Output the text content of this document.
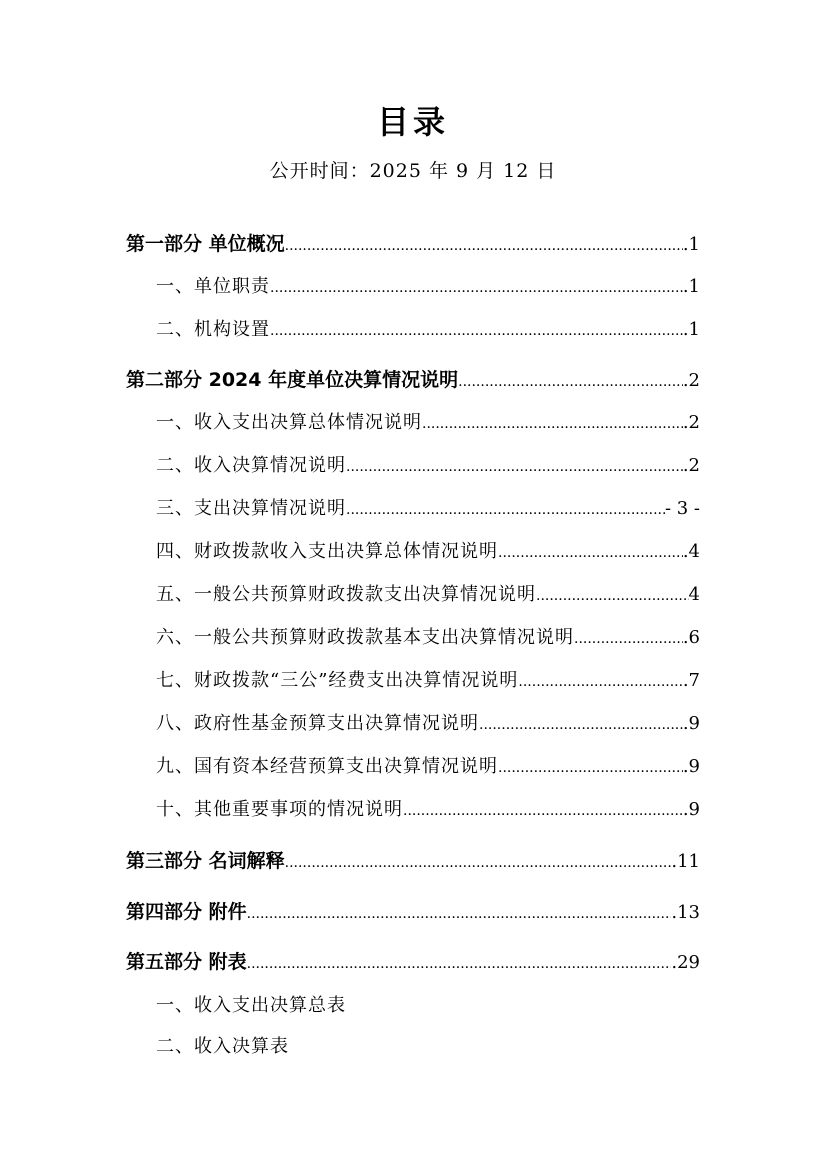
目录
公开时间：2025 年 9 月 12 日
第一部分 单位概况 .....	.1
一、单位职责 .....	.1
二、机构设置 .....	.1
第二部分 2024 年度单位决算情况说明 .....	.2
一、收入支出决算总体情况说明 .....	.2
二、收入决算情况说明 .....	.2
三、支出决算情况说明 .....	- 3 -
四、财政拨款收入支出决算总体情况说明 .....	.4
五、一般公共预算财政拨款支出决算情况说明 .....	4
六、一般公共预算财政拨款基本支出决算情况说明 .....	.6
七、财政拨款“三公”经费支出决算情况说明 .....	.7
八、政府性基金预算支出决算情况说明 .....	.9
九、国有资本经营预算支出决算情况说明 .....	.9
十、其他重要事项的情况说明 .....	.9
第三部分 名词解释 .....	.11
第四部分 附件 .....	.13
第五部分 附表 .....	.29
一、收入支出决算总表
二、收入决算表
